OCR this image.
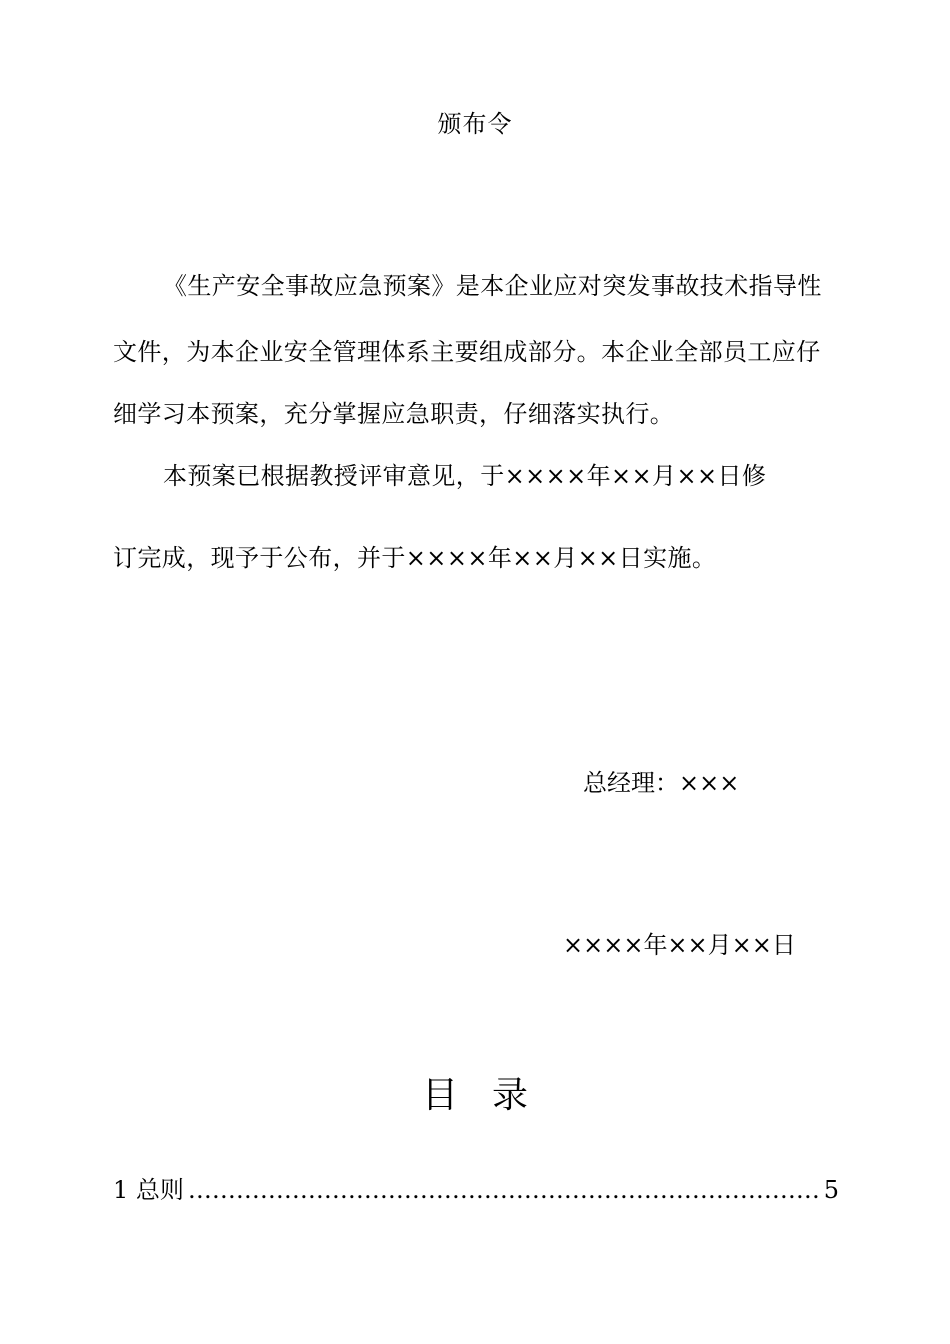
颁布令
《生产安全事故应急预案》是本企业应对突发事故技术指导性
文件，为本企业安全管理体系主要组成部分。本企业全部员工应仔
细学习本预案，充分掌握应急职责，仔细落实执行。
本预案已根据教授评审意见，于××××年××月××日修
订完成，现予于公布，并于××××年××月××日实施。
总经理：×××
××××年××月××日
目录
1 总则
……………………………………………………………………………………………………………………………………	5
